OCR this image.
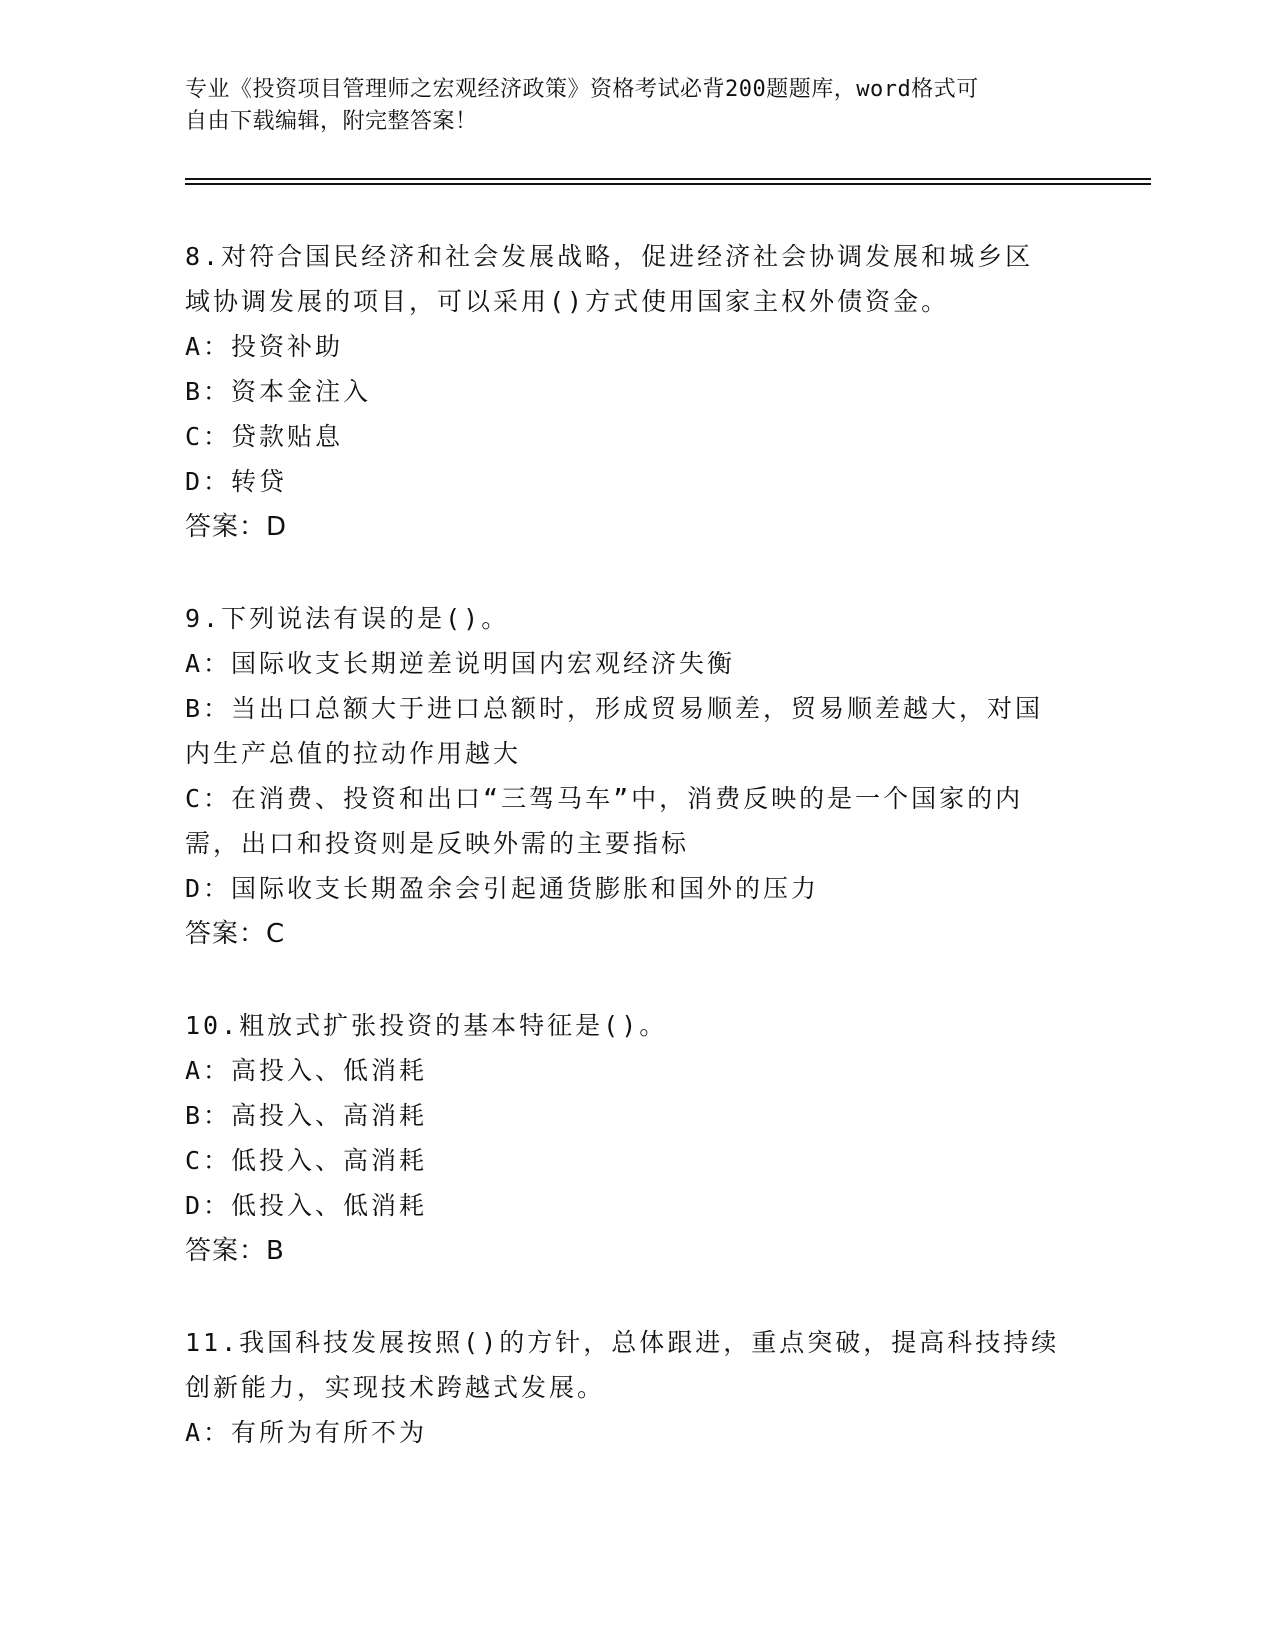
专业《投资项目管理师之宏观经济政策》资格考试必背200题题库，word格式可
自由下载编辑，附完整答案！
8.对符合国民经济和社会发展战略，促进经济社会协调发展和城乡区
域协调发展的项目，可以采用()方式使用国家主权外债资金。
A：投资补助
B：资本金注入
C：贷款贴息
D：转贷
答案：D
9.下列说法有误的是()。
A：国际收支长期逆差说明国内宏观经济失衡
B：当出口总额大于进口总额时，形成贸易顺差，贸易顺差越大，对国
内生产总值的拉动作用越大
C：在消费、投资和出口“三驾马车”中，消费反映的是一个国家的内
需，出口和投资则是反映外需的主要指标
D：国际收支长期盈余会引起通货膨胀和国外的压力
答案：C
10.粗放式扩张投资的基本特征是()。
A：高投入、低消耗
B：高投入、高消耗
C：低投入、高消耗
D：低投入、低消耗
答案：B
11.我国科技发展按照()的方针，总体跟进，重点突破，提高科技持续
创新能力，实现技术跨越式发展。
A：有所为有所不为
